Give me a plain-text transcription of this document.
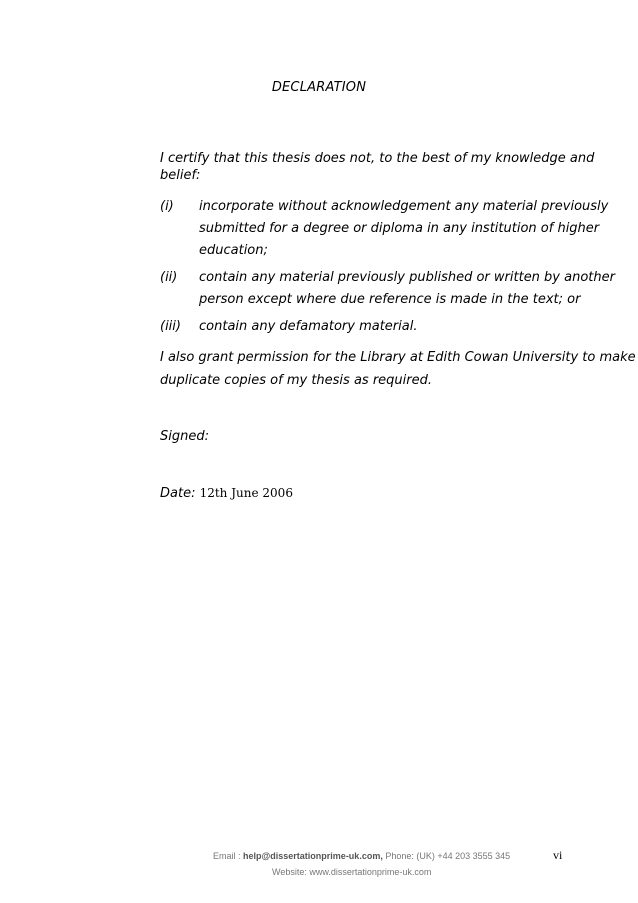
DECLARATION
I certify that this thesis does not, to the best of my knowledge and belief:
(i) incorporate without acknowledgement any material previously submitted for a degree or diploma in any institution of higher education;
(ii) contain any material previously published or written by another person except where due reference is made in the text; or
(iii) contain any defamatory material.
I also grant permission for the Library at Edith Cowan University to make duplicate copies of my thesis as required.
Signed:
Date: 12th June 2006
Email : help@dissertationprime-uk.com, Phone: (UK) +44 203 3555 345
Website: www.dissertationprime-uk.com
vi
